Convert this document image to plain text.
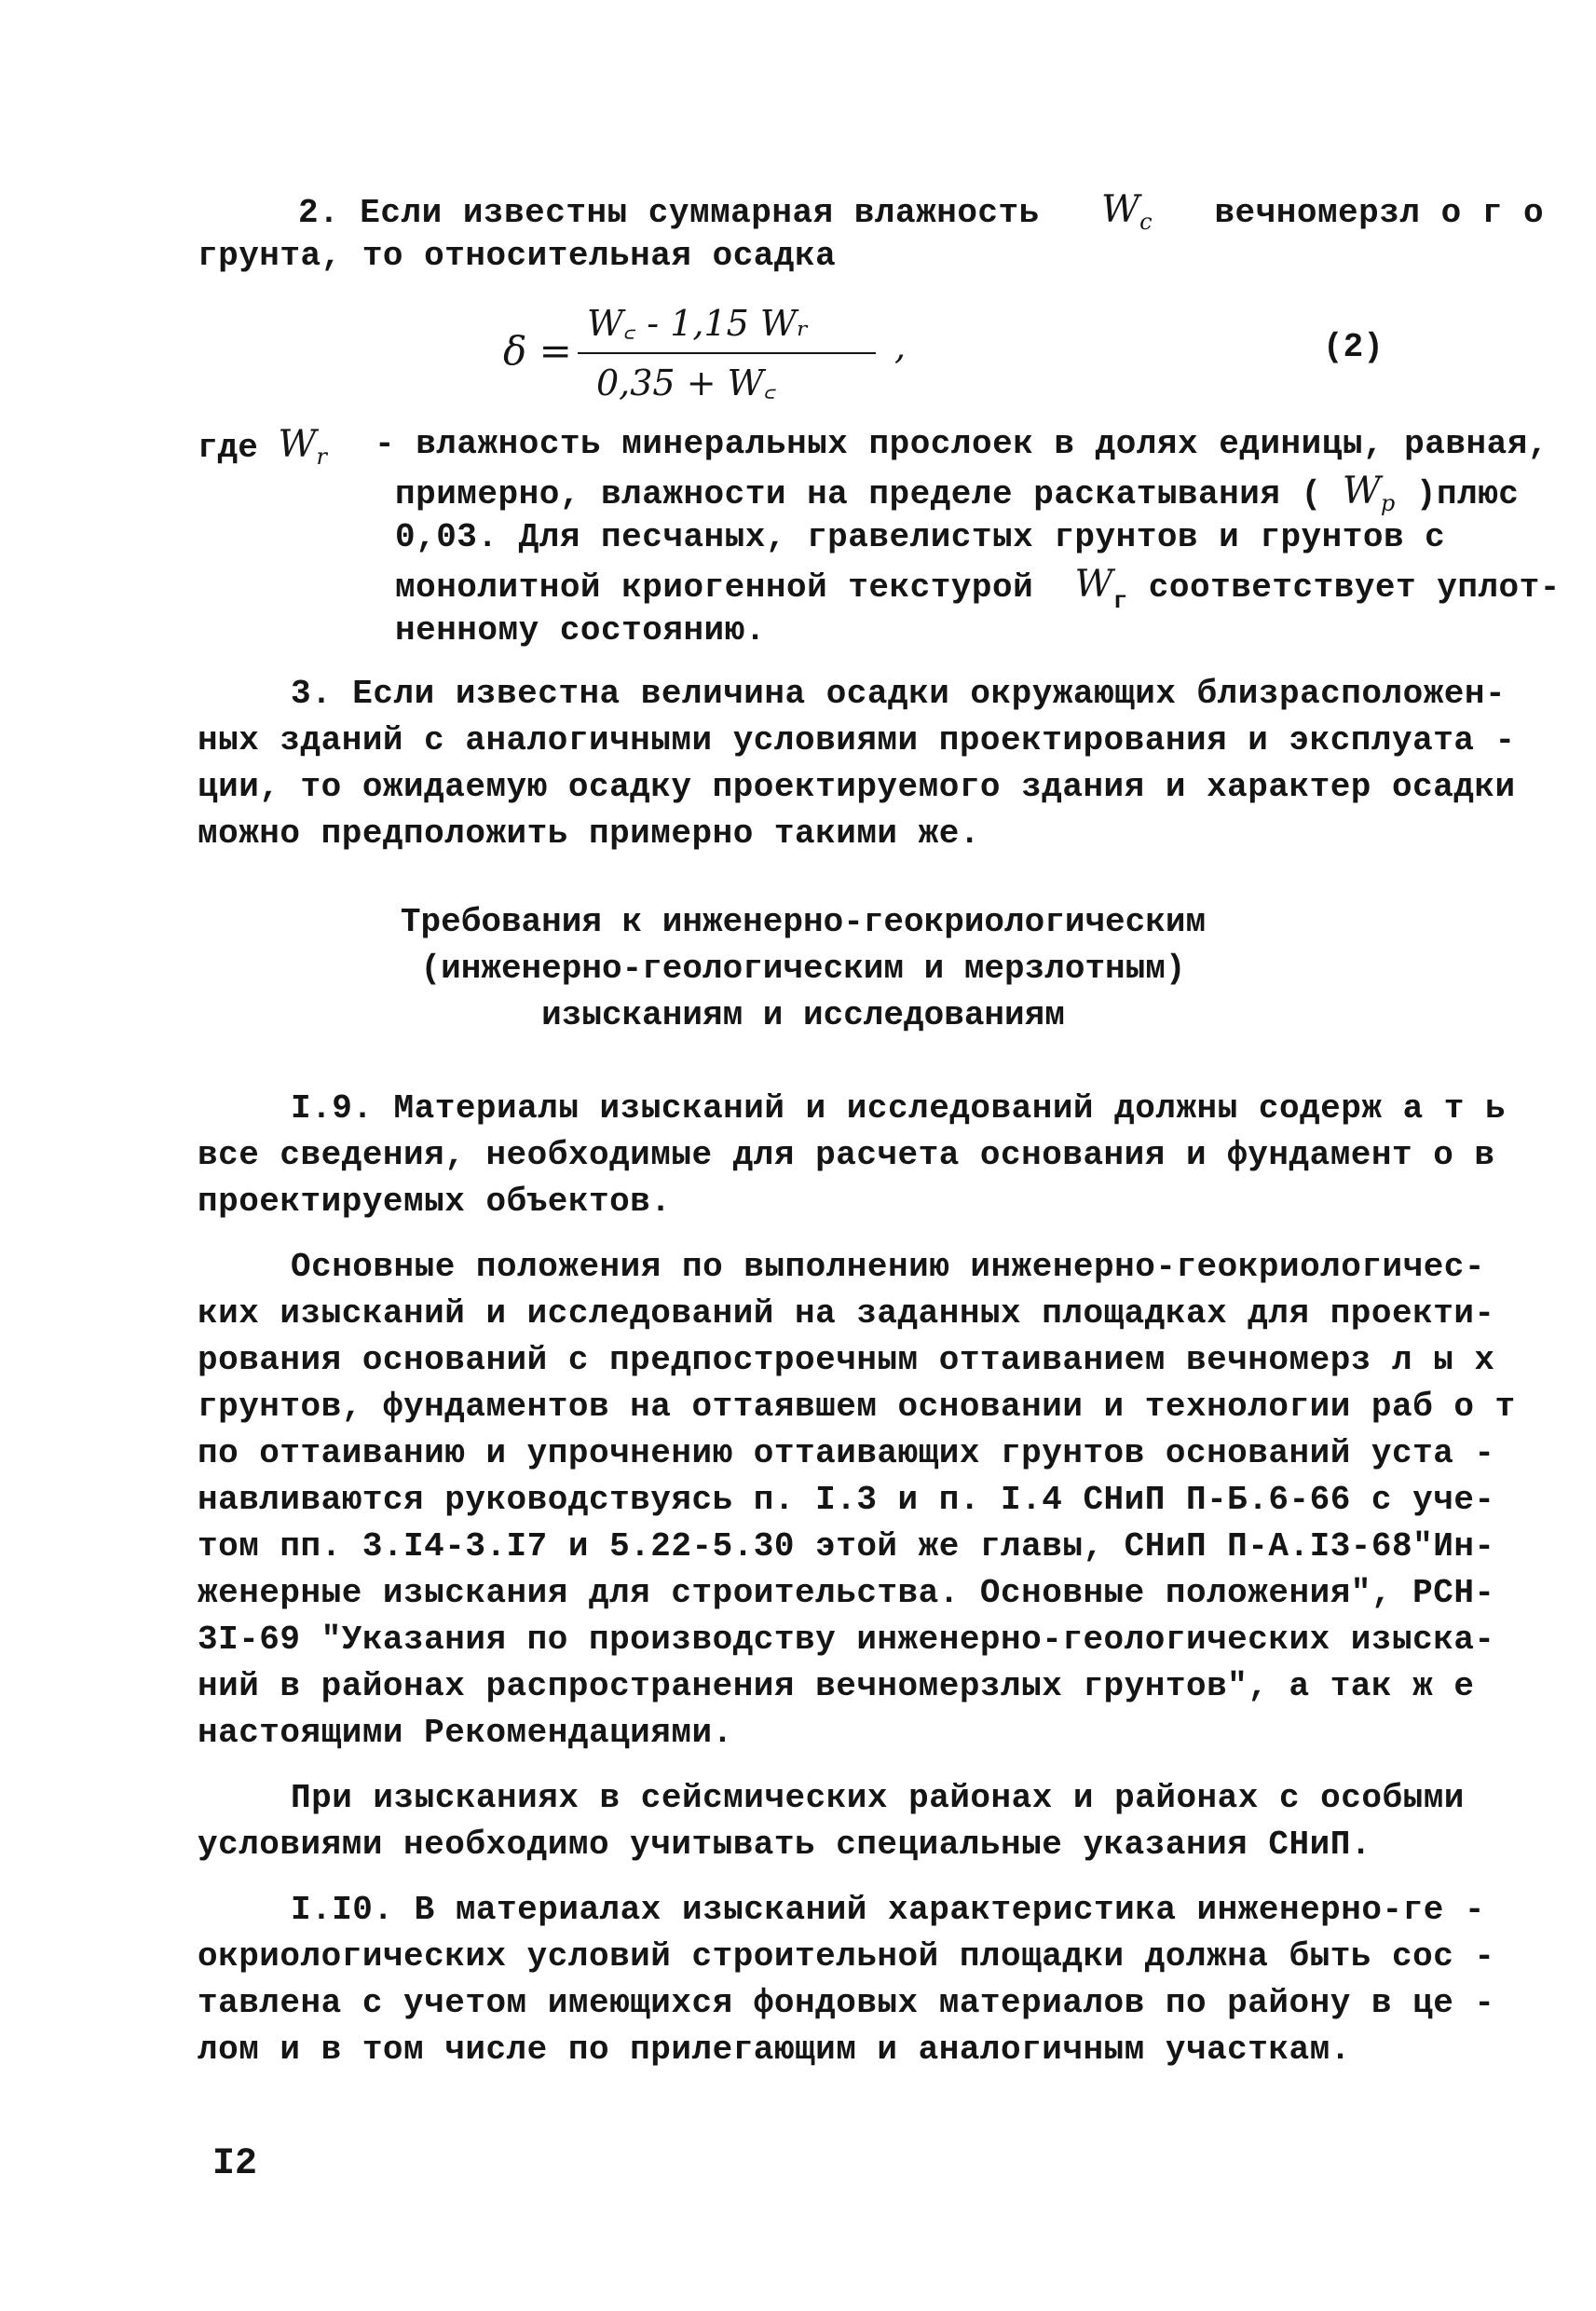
2. Если известны суммарная влажность $W_c$ вечномерзл о г о
грунта, то относительная осадка
δ =
W꜀ - 1,15 Wᵣ
0,35 + W꜀
,	(2)
где $W_r$ - влажность минеральных прослоек в долях единицы, равная,
примерно, влажности на пределе раскатывания ( $W_p$ )плюс
0,03. Для песчаных, гравелистых грунтов и грунтов с
монолитной криогенной текстурой $W_г$ соответствует уплот-
ненному состоянию.
3. Если известна величина осадки окружающих близрасположен-
ных зданий с аналогичными условиями проектирования и эксплуата -
ции, то ожидаемую осадку проектируемого здания и характер осадки
можно предположить примерно такими же.
Требования к инженерно-геокриологическим
(инженерно-геологическим и мерзлотным)
изысканиям и исследованиям
I.9. Материалы изысканий и исследований должны содерж а т ь
все сведения, необходимые для расчета основания и фундамент о в
проектируемых объектов.
Основные положения по выполнению инженерно-геокриологичес-
ких изысканий и исследований на заданных площадках для проекти-
рования оснований с предпостроечным оттаиванием вечномерз л ы х
грунтов, фундаментов на оттаявшем основании и технологии раб о т
по оттаиванию и упрочнению оттаивающих грунтов оснований уста -
навливаются руководствуясь п. I.3 и п. I.4 СНиП П-Б.6-66 с уче-
том пп. 3.I4-3.I7 и 5.22-5.30 этой же главы, СНиП П-А.I3-68"Ин-
женерные изыскания для строительства. Основные положения", РСН-
3I-69 "Указания по производству инженерно-геологических изыска-
ний в районах распространения вечномерзлых грунтов", а так ж е
настоящими Рекомендациями.
При изысканиях в сейсмических районах и районах с особыми
условиями необходимо учитывать специальные указания СНиП.
I.I0. В материалах изысканий характеристика инженерно-ге -
окриологических условий строительной площадки должна быть сос -
тавлена с учетом имеющихся фондовых материалов по району в це -
лом и в том числе по прилегающим и аналогичным участкам.
I2
